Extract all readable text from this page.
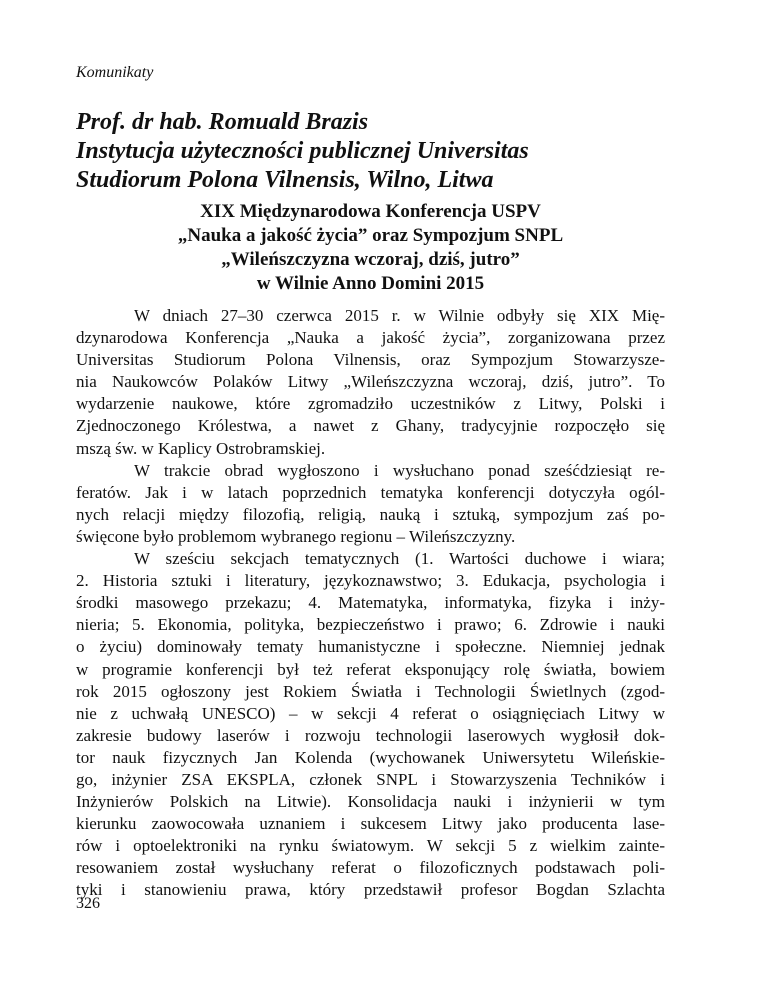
Komunikaty
Prof. dr hab. Romuald Brazis
Instytucja użyteczności publicznej Universitas
Studiorum Polona Vilnensis, Wilno, Litwa
XIX Międzynarodowa Konferencja USPV
„Nauka a jakość życia” oraz Sympozjum SNPL
„Wileńszczyzna wczoraj, dziś, jutro”
w Wilnie Anno Domini 2015
W dniach 27–30 czerwca 2015 r. w Wilnie odbyły się XIX Mię-
dzynarodowa Konferencja „Nauka a jakość życia”, zorganizowana przez
Universitas Studiorum Polona Vilnensis, oraz Sympozjum Stowarzysze-
nia Naukowców Polaków Litwy „Wileńszczyzna wczoraj, dziś, jutro”. To
wydarzenie naukowe, które zgromadziło uczestników z Litwy, Polski i
Zjednoczonego Królestwa, a nawet z Ghany, tradycyjnie rozpoczęło się
mszą św. w Kaplicy Ostrobramskiej.
W trakcie obrad wygłoszono i wysłuchano ponad sześćdziesiąt re-
feratów. Jak i w latach poprzednich tematyka konferencji dotyczyła ogól-
nych relacji między filozofią, religią, nauką i sztuką, sympozjum zaś po-
święcone było problemom wybranego regionu – Wileńszczyzny.
W sześciu sekcjach tematycznych (1. Wartości duchowe i wiara;
2. Historia sztuki i literatury, językoznawstwo; 3. Edukacja, psychologia i
środki masowego przekazu; 4. Matematyka, informatyka, fizyka i inży-
nieria; 5. Ekonomia, polityka, bezpieczeństwo i prawo; 6. Zdrowie i nauki
o życiu) dominowały tematy humanistyczne i społeczne. Niemniej jednak
w programie konferencji był też referat eksponujący rolę światła, bowiem
rok 2015 ogłoszony jest Rokiem Światła i Technologii Świetlnych (zgod-
nie z uchwałą UNESCO) – w sekcji 4 referat o osiągnięciach Litwy w
zakresie budowy laserów i rozwoju technologii laserowych wygłosił dok-
tor nauk fizycznych Jan Kolenda (wychowanek Uniwersytetu Wileńskie-
go, inżynier ZSA EKSPLA, członek SNPL i Stowarzyszenia Techników i
Inżynierów Polskich na Litwie). Konsolidacja nauki i inżynierii w tym
kierunku zaowocowała uznaniem i sukcesem Litwy jako producenta lase-
rów i optoelektroniki na rynku światowym. W sekcji 5 z wielkim zainte-
resowaniem został wysłuchany referat o filozoficznych podstawach poli-
tyki i stanowieniu prawa, który przedstawił profesor Bogdan Szlachta
326
